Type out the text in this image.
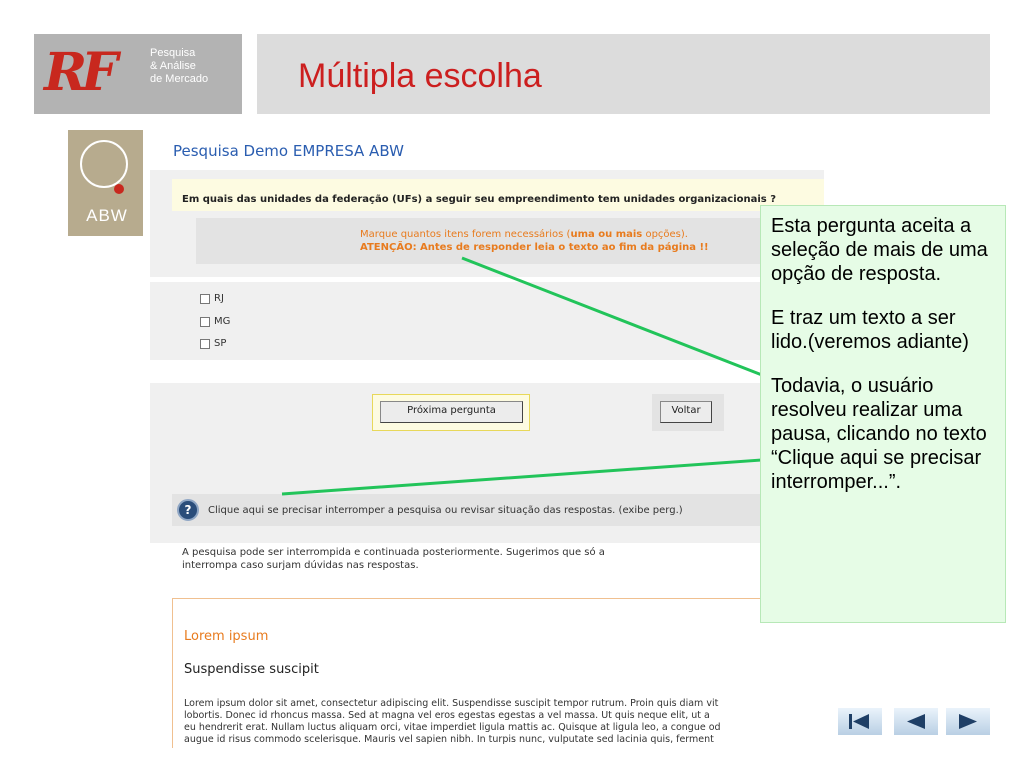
RF	Pesquisa
& Análise
de Mercado	Múltipla escolha
ABW
Pesquisa Demo EMPRESA ABW
Em quais das unidades da federação (UFs) a seguir seu empreendimento tem unidades organizacionais ?
Marque quantos itens forem necessários (uma ou mais opções).
ATENÇÃO: Antes de responder leia o texto ao fim da página !!
RJ
MG
SP
Próxima pergunta	Voltar
?	Clique aqui se precisar interromper a pesquisa ou revisar situação das respostas. (exibe perg.)
A pesquisa pode ser interrompida e continuada posteriormente. Sugerimos que só a
interrompa caso surjam dúvidas nas respostas.
Lorem ipsum
Suspendisse suscipit
Lorem ipsum dolor sit amet, consectetur adipiscing elit. Suspendisse suscipit tempor rutrum. Proin quis diam vit
lobortis. Donec id rhoncus massa. Sed at magna vel eros egestas egestas a vel massa. Ut quis neque elit, ut a
eu hendrerit erat. Nullam luctus aliquam orci, vitae imperdiet ligula mattis ac. Quisque at ligula leo, a congue od
augue id risus commodo scelerisque. Mauris vel sapien nibh. In turpis nunc, vulputate sed lacinia quis, ferment

Esta pergunta aceita a seleção de mais de uma opção de resposta.

E traz um texto a ser lido.(veremos adiante)

Todavia, o usuário resolveu realizar uma pausa, clicando no texto “Clique aqui se precisar interromper...”.
